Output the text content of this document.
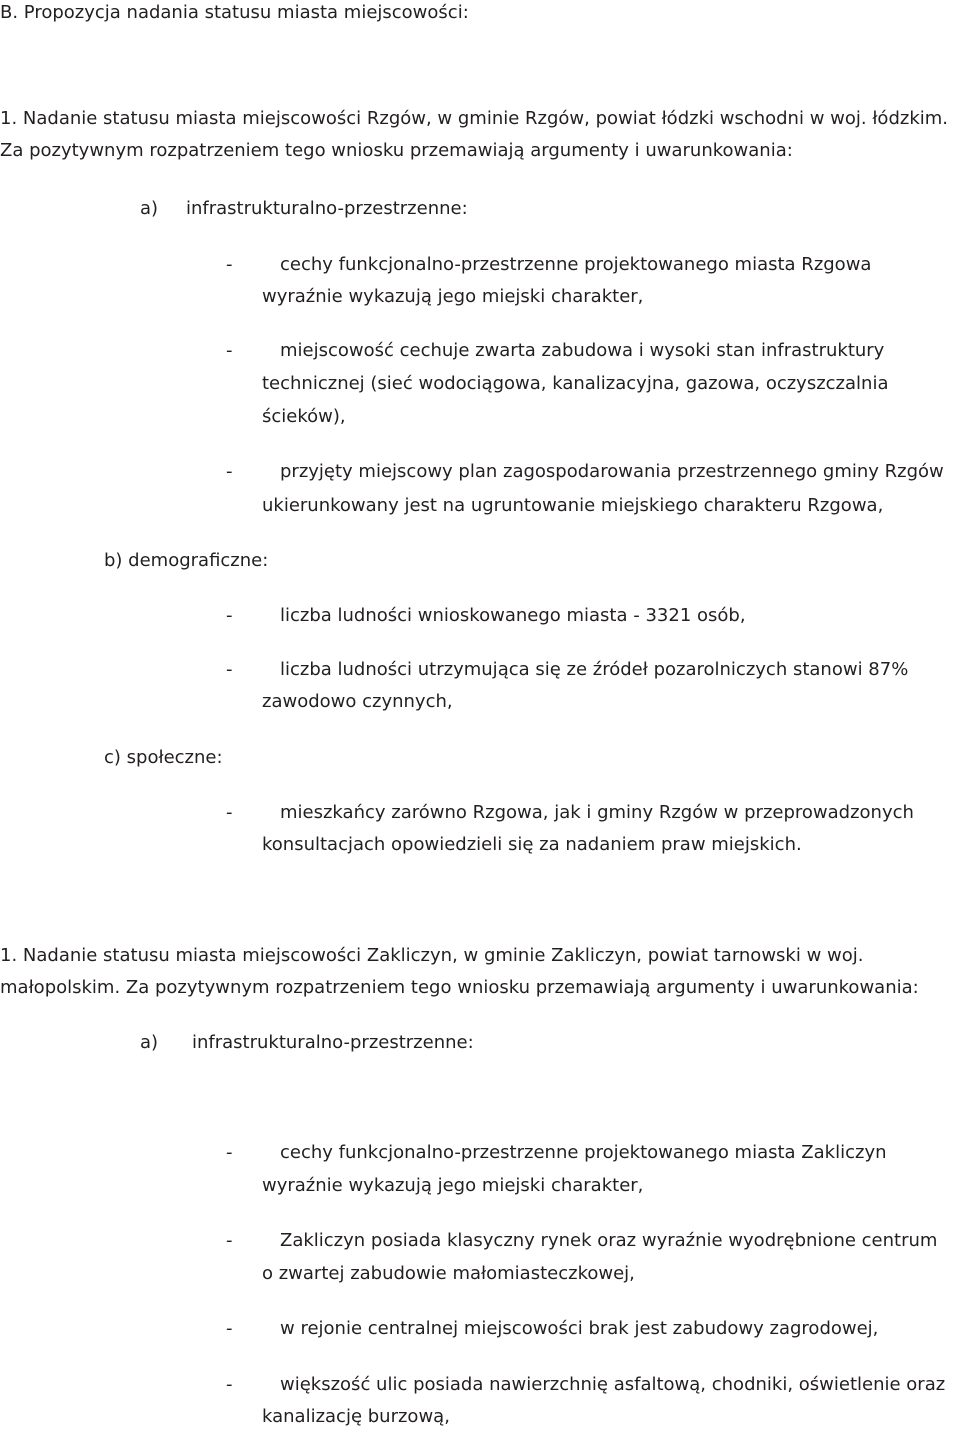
B. Propozycja nadania statusu miasta miejscowości:
1. Nadanie statusu miasta miejscowości Rzgów, w gminie Rzgów, powiat łódzki wschodni w woj. łódzkim.
Za pozytywnym rozpatrzeniem tego wniosku przemawiają argumenty i uwarunkowania:
a) infrastrukturalno-przestrzenne:
-	cechy funkcjonalno-przestrzenne projektowanego miasta Rzgowa
wyraźnie wykazują jego miejski charakter,
-	miejscowość cechuje zwarta zabudowa i wysoki stan infrastruktury
technicznej (sieć wodociągowa, kanalizacyjna, gazowa, oczyszczalnia
ścieków),
-	przyjęty miejscowy plan zagospodarowania przestrzennego gminy Rzgów
ukierunkowany jest na ugruntowanie miejskiego charakteru Rzgowa,
b) demograficzne:
-	liczba ludności wnioskowanego miasta - 3321 osób,
-	liczba ludności utrzymująca się ze źródeł pozarolniczych stanowi 87%
zawodowo czynnych,
c) społeczne:
-	mieszkańcy zarówno Rzgowa, jak i gminy Rzgów w przeprowadzonych
konsultacjach opowiedzieli się za nadaniem praw miejskich.
1. Nadanie statusu miasta miejscowości Zakliczyn, w gminie Zakliczyn, powiat tarnowski w woj.
małopolskim. Za pozytywnym rozpatrzeniem tego wniosku przemawiają argumenty i uwarunkowania:
a) infrastrukturalno-przestrzenne:
-	cechy funkcjonalno-przestrzenne projektowanego miasta Zakliczyn
wyraźnie wykazują jego miejski charakter,
-	Zakliczyn posiada klasyczny rynek oraz wyraźnie wyodrębnione centrum
o zwartej zabudowie małomiasteczkowej,
-	w rejonie centralnej miejscowości brak jest zabudowy zagrodowej,
-	większość ulic posiada nawierzchnię asfaltową, chodniki, oświetlenie oraz
kanalizację burzową,
